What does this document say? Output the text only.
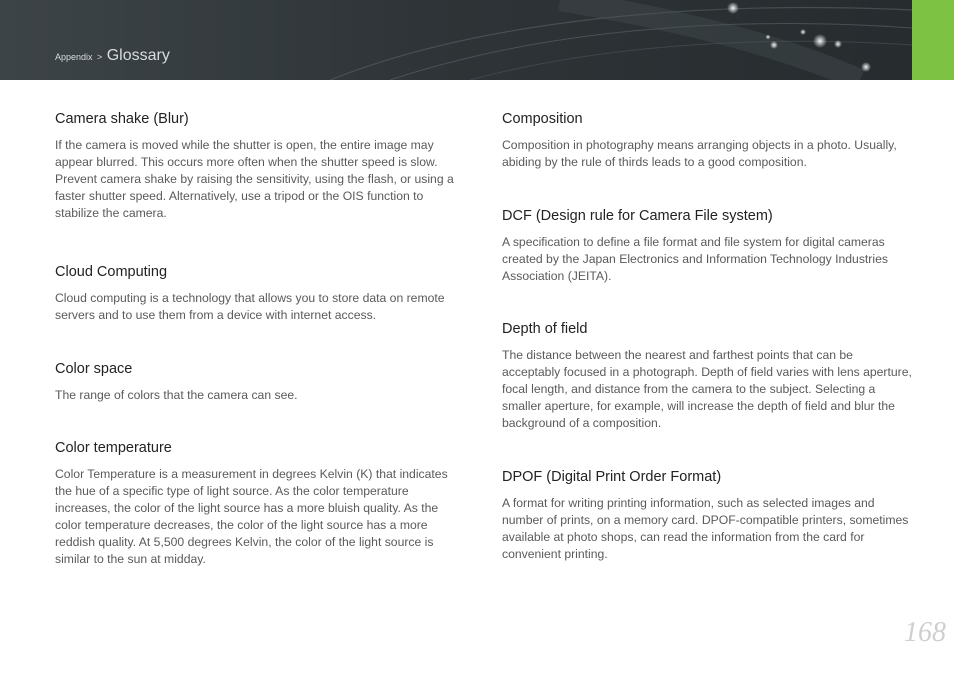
Appendix > Glossary
Camera shake (Blur)

If the camera is moved while the shutter is open, the entire image may appear blurred. This occurs more often when the shutter speed is slow. Prevent camera shake by raising the sensitivity, using the flash, or using a faster shutter speed. Alternatively, use a tripod or the OIS function to stabilize the camera.

Cloud Computing

Cloud computing is a technology that allows you to store data on remote servers and to use them from a device with internet access.

Color space

The range of colors that the camera can see.

Color temperature

Color Temperature is a measurement in degrees Kelvin (K) that indicates the hue of a specific type of light source. As the color temperature increases, the color of the light source has a more bluish quality. As the color temperature decreases, the color of the light source has a more reddish quality. At 5,500 degrees Kelvin, the color of the light source is similar to the sun at midday.

Composition

Composition in photography means arranging objects in a photo. Usually, abiding by the rule of thirds leads to a good composition.

DCF (Design rule for Camera File system)

A specification to define a file format and file system for digital cameras created by the Japan Electronics and Information Technology Industries Association (JEITA).

Depth of field

The distance between the nearest and farthest points that can be acceptably focused in a photograph. Depth of field varies with lens aperture, focal length, and distance from the camera to the subject. Selecting a smaller aperture, for example, will increase the depth of field and blur the background of a composition.

DPOF (Digital Print Order Format)

A format for writing printing information, such as selected images and number of prints, on a memory card. DPOF-compatible printers, sometimes available at photo shops, can read the information from the card for convenient printing.

168
